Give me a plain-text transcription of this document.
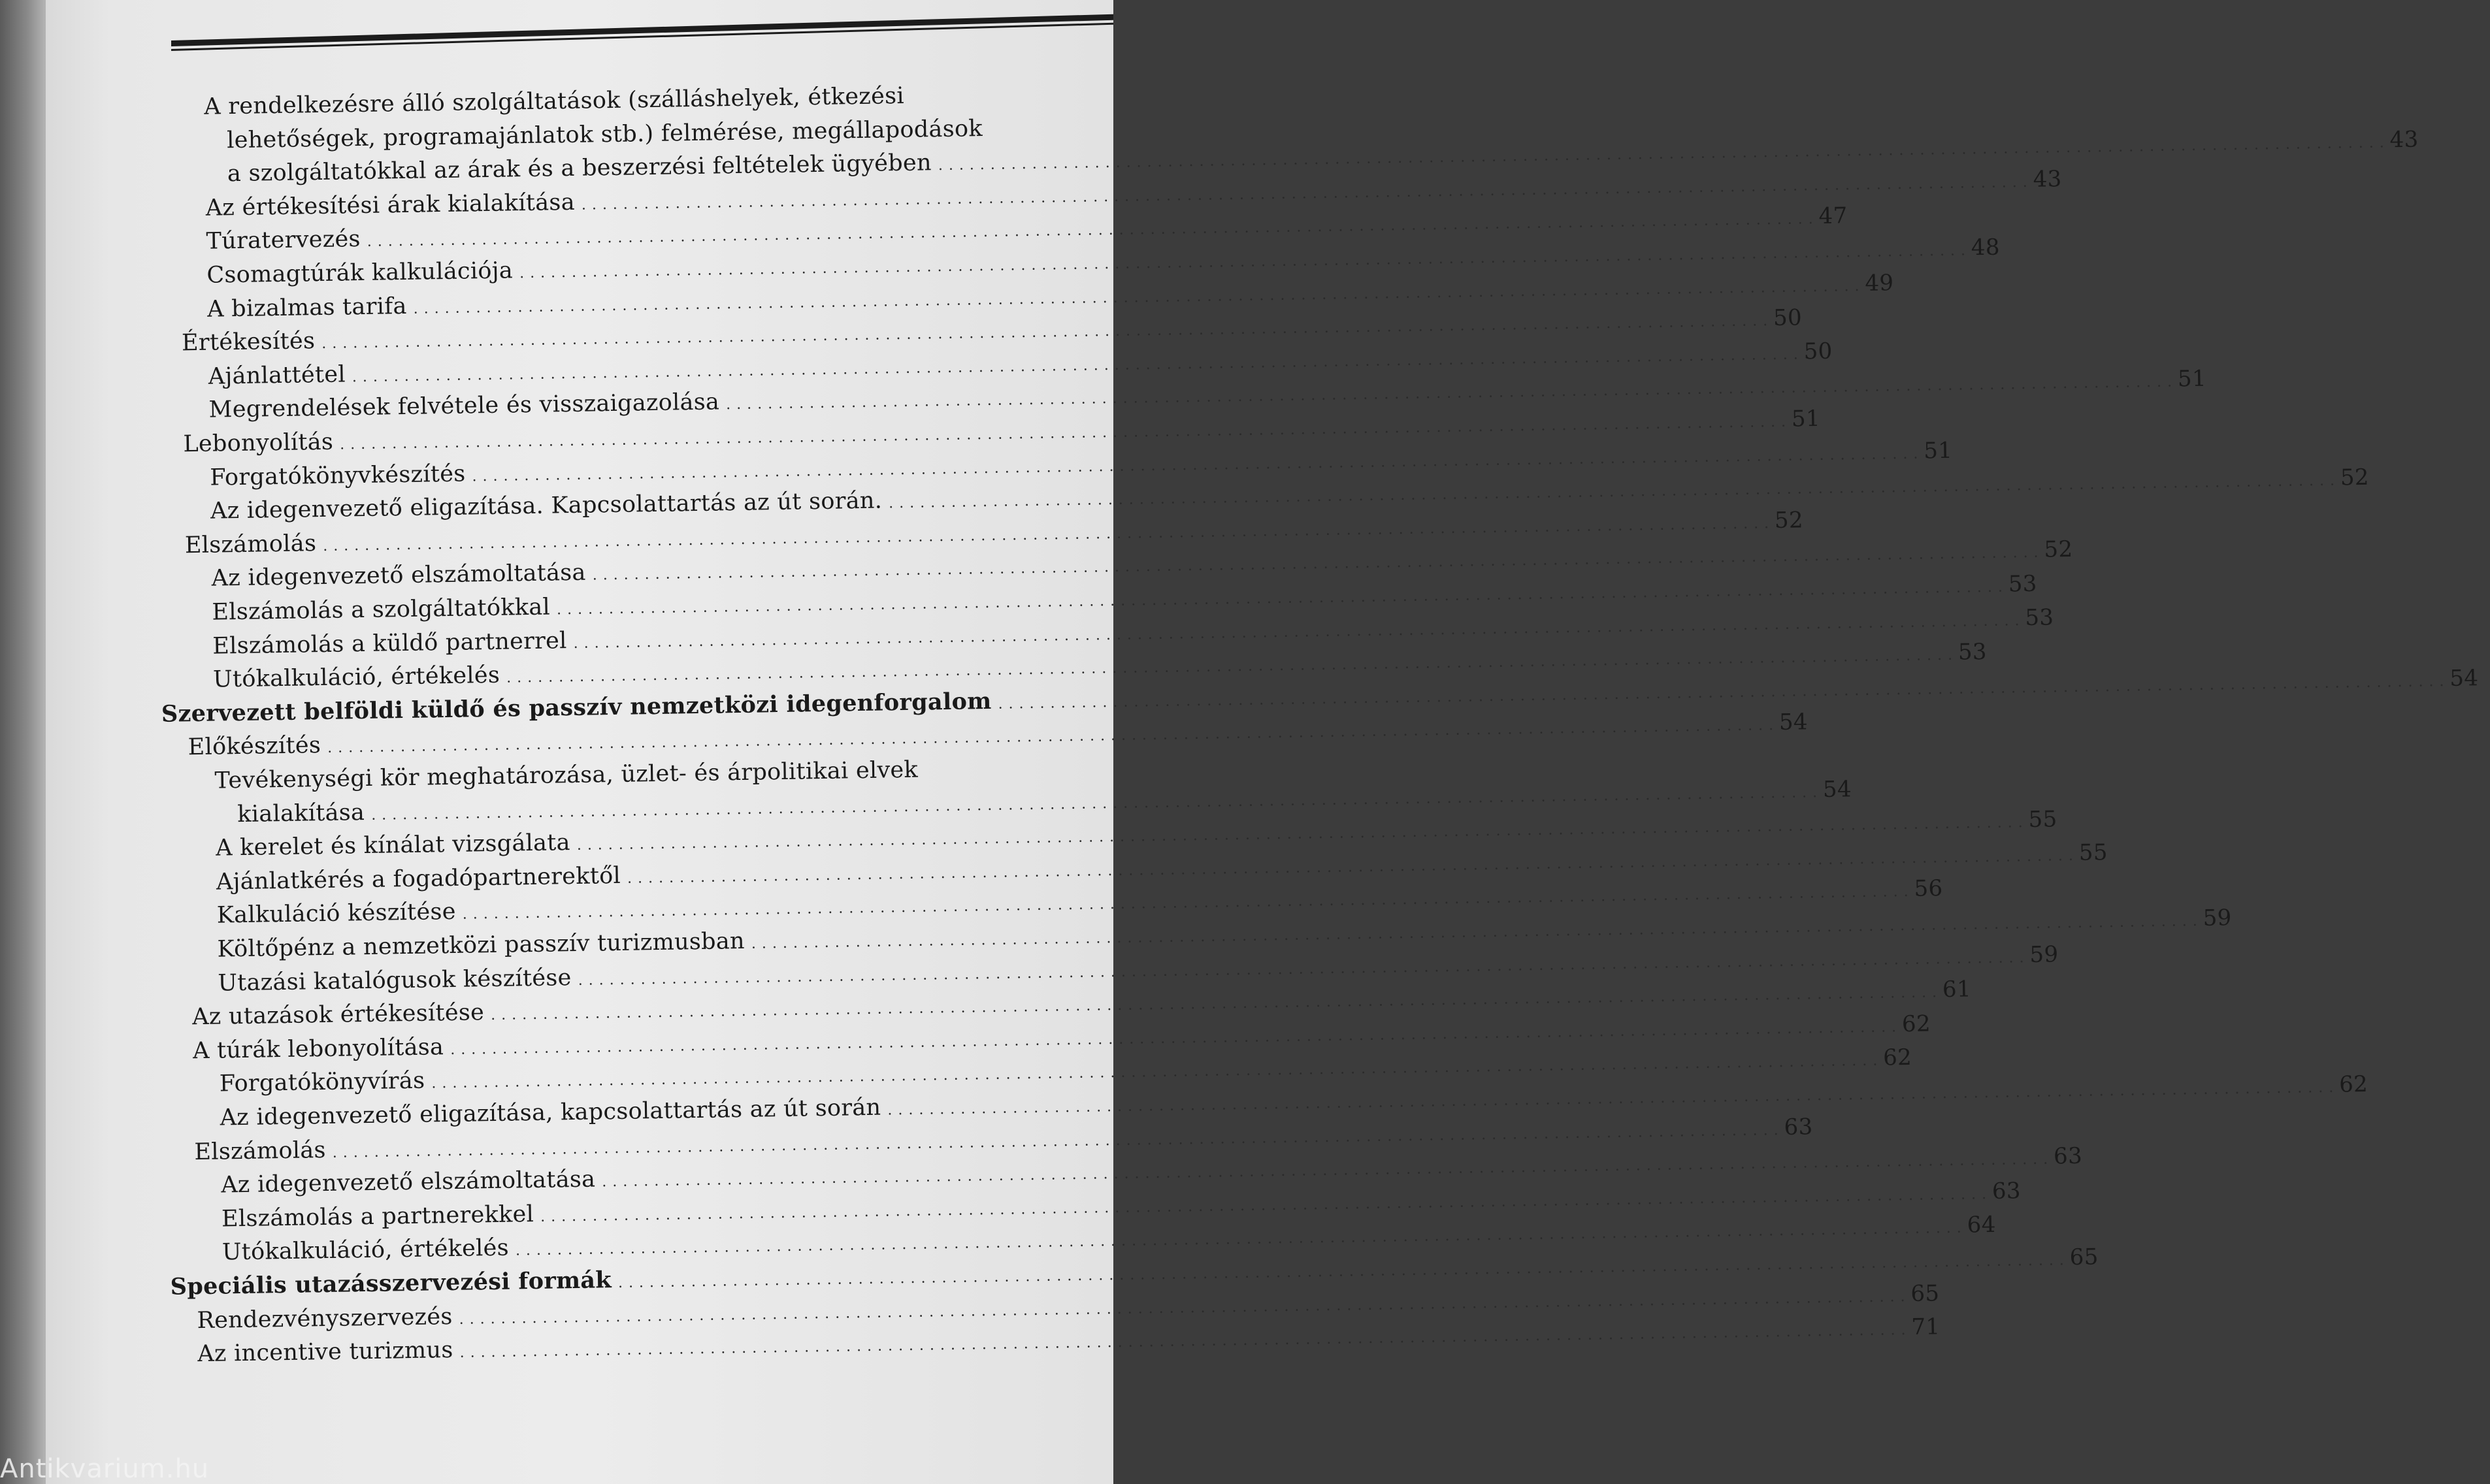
A rendelkezésre álló szolgáltatások (szálláshelyek, étkezési
lehetőségek, programajánlatok stb.) felmérése, megállapodások
a szolgáltatókkal az árak és a beszerzési feltételek ügyében
. . .
43
Az értékesítési árak kialakítása
. . .
43
Túratervezés
. . .
47
Csomagtúrák kalkulációja
. . .
48
A bizalmas tarifa
. . .
49
Értékesítés
. . .
50
Ajánlattétel
. . .
50
Megrendelések felvétele és visszaigazolása
. . .
51
Lebonyolítás
. . .
51
Forgatókönyvkészítés
. . .
51
Az idegenvezető eligazítása. Kapcsolattartás az út során.
. . .
52
Elszámolás
. . .
52
Az idegenvezető elszámoltatása
. . .
52
Elszámolás a szolgáltatókkal
. . .
53
Elszámolás a küldő partnerrel
. . .
53
Utókalkuláció, értékelés
. . .
53
Szervezett belföldi küldő és passzív nemzetközi idegenforgalom
. . .
54
Előkészítés
. . .
54
Tevékenységi kör meghatározása, üzlet- és árpolitikai elvek
kialakítása
. . .
54
A kerelet és kínálat vizsgálata
. . .
55
Ajánlatkérés a fogadópartnerektől
. . .
55
Kalkuláció készítése
. . .
56
Költőpénz a nemzetközi passzív turizmusban
. . .
59
Utazási katalógusok készítése
. . .
59
Az utazások értékesítése
. . .
61
A túrák lebonyolítása
. . .
62
Forgatókönyvírás
. . .
62
Az idegenvezető eligazítása, kapcsolattartás az út során
. . .
62
Elszámolás
. . .
63
Az idegenvezető elszámoltatása
. . .
63
Elszámolás a partnerekkel
. . .
63
Utókalkuláció, értékelés
. . .
64
Speciális utazásszervezési formák
. . .
65
Rendezvényszervezés
. . .
65
Az incentive turizmus
. . .
71
Antikvarium.hu
